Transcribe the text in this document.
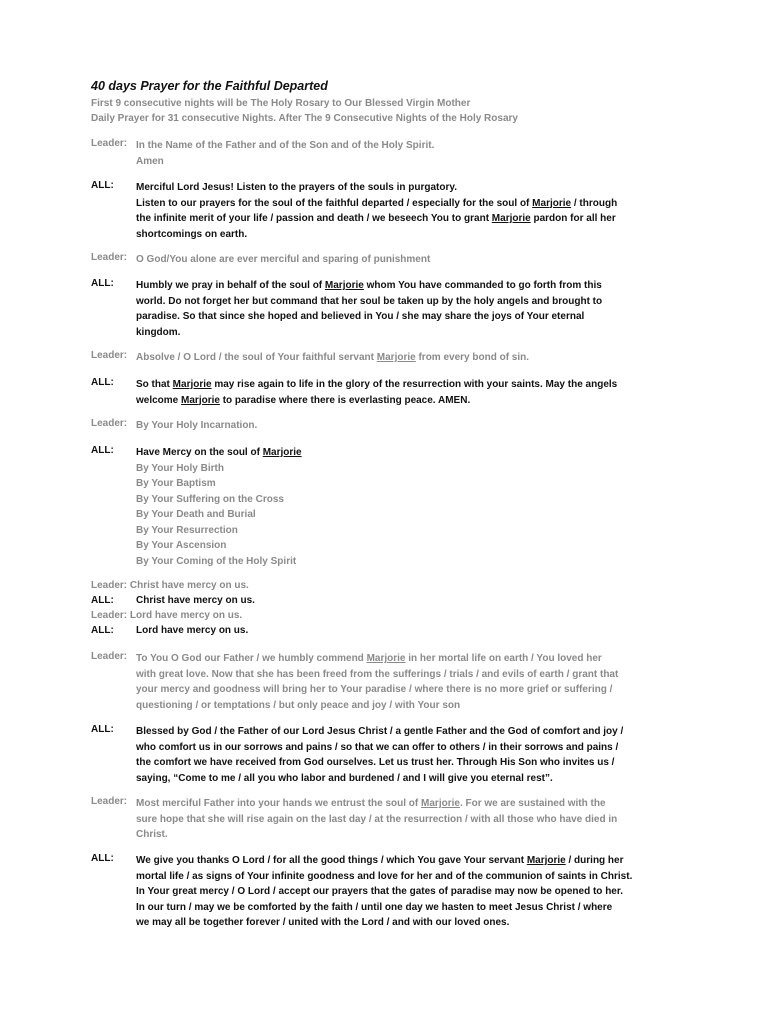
40 days Prayer for the Faithful Departed
First 9 consecutive nights will be The Holy Rosary to Our Blessed Virgin Mother
Daily Prayer for 31 consecutive Nights. After The 9 Consecutive Nights of the Holy Rosary
Leader: In the Name of the Father and of the Son and of the Holy Spirit.
Amen
ALL: Merciful Lord Jesus! Listen to the prayers of the souls in purgatory.
Listen to our prayers for the soul of the faithful departed / especially for the soul of Marjorie / through
the infinite merit of your life / passion and death / we beseech You to grant Marjorie pardon for all her
shortcomings on earth.
Leader: O God/You alone are ever merciful and sparing of punishment
ALL: Humbly we pray in behalf of the soul of Marjorie whom You have commanded to go forth from this
world. Do not forget her but command that her soul be taken up by the holy angels and brought to
paradise. So that since she hoped and believed in You / she may share the joys of Your eternal
kingdom.
Leader: Absolve / O Lord / the soul of Your faithful servant Marjorie from every bond of sin.
ALL: So that Marjorie may rise again to life in the glory of the resurrection with your saints. May the angels
welcome Marjorie to paradise where there is everlasting peace. AMEN.
Leader: By Your Holy Incarnation.
ALL: Have Mercy on the soul of Marjorie
By Your Holy Birth
By Your Baptism
By Your Suffering on the Cross
By Your Death and Burial
By Your Resurrection
By Your Ascension
By Your Coming of the Holy Spirit
Leader: Christ have mercy on us.
ALL: Christ have mercy on us.
Leader: Lord have mercy on us.
ALL: Lord have mercy on us.
Leader: To You O God our Father / we humbly commend Marjorie in her mortal life on earth / You loved her
with great love. Now that she has been freed from the sufferings / trials / and evils of earth / grant that
your mercy and goodness will bring her to Your paradise / where there is no more grief or suffering /
questioning / or temptations / but only peace and joy / with Your son
ALL: Blessed by God / the Father of our Lord Jesus Christ / a gentle Father and the God of comfort and joy /
who comfort us in our sorrows and pains / so that we can offer to others / in their sorrows and pains /
the comfort we have received from God ourselves. Let us trust her. Through His Son who invites us /
saying, “Come to me / all you who labor and burdened / and I will give you eternal rest”.
Leader: Most merciful Father into your hands we entrust the soul of Marjorie. For we are sustained with the
sure hope that she will rise again on the last day / at the resurrection / with all those who have died in
Christ.
ALL: We give you thanks O Lord / for all the good things / which You gave Your servant Marjorie / during her
mortal life / as signs of Your infinite goodness and love for her and of the communion of saints in Christ.
In Your great mercy / O Lord / accept our prayers that the gates of paradise may now be opened to her.
In our turn / may we be comforted by the faith / until one day we hasten to meet Jesus Christ / where
we may all be together forever / united with the Lord / and with our loved ones.
